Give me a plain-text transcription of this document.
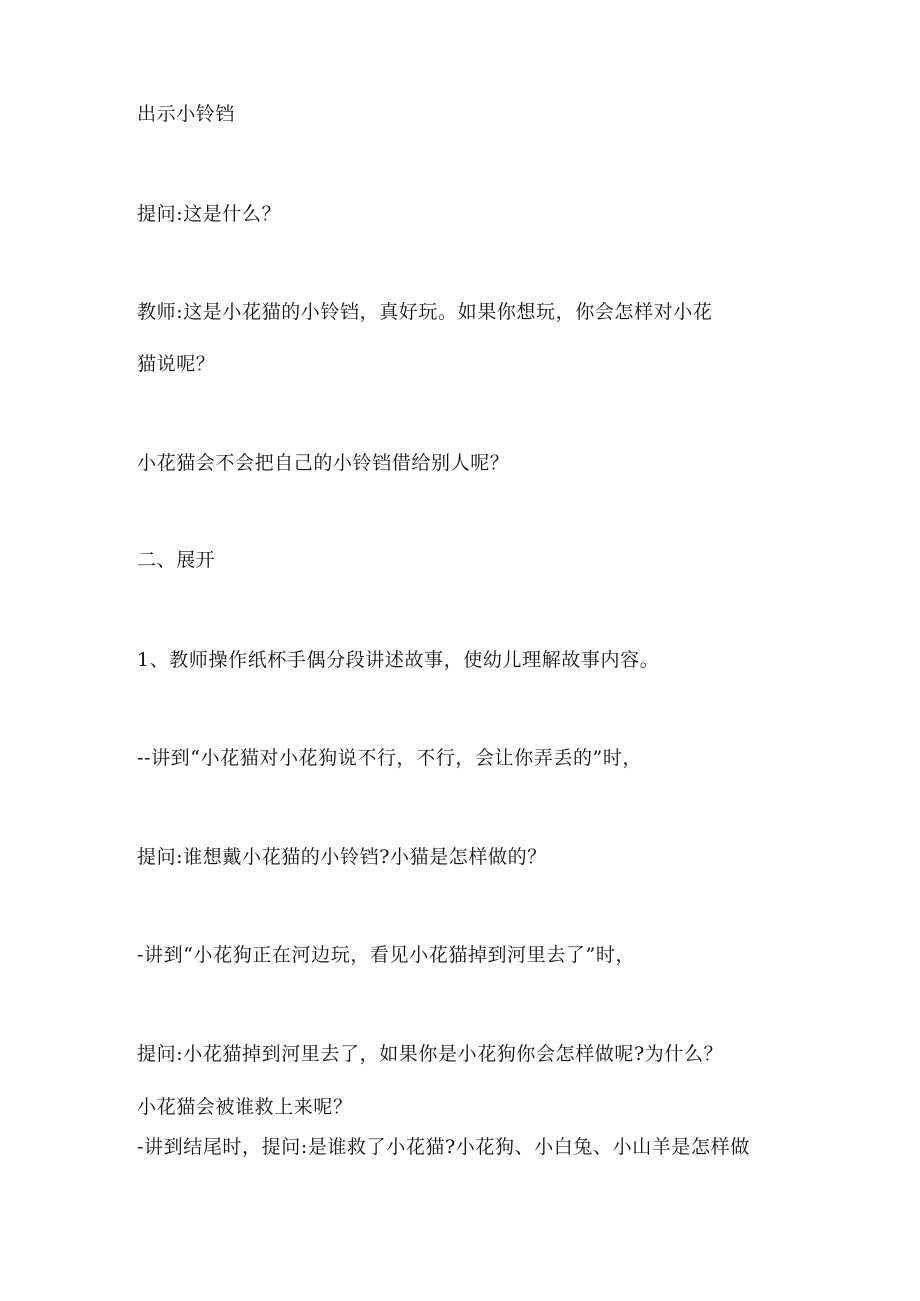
出示小铃铛

提问:这是什么？

教师:这是小花猫的小铃铛，真好玩。如果你想玩，你会怎样对小花

猫说呢？

小花猫会不会把自己的小铃铛借给别人呢？

二、展开

1、教师操作纸杯手偶分段讲述故事，使幼儿理解故事内容。

--讲到“小花猫对小花狗说不行，不行，会让你弄丢的”时，

提问:谁想戴小花猫的小铃铛?小猫是怎样做的？

-讲到“小花狗正在河边玩，看见小花猫掉到河里去了”时，

提问:小花猫掉到河里去了，如果你是小花狗你会怎样做呢?为什么？

小花猫会被谁救上来呢？

-讲到结尾时，提问:是谁救了小花猫?小花狗、小白兔、小山羊是怎样做
